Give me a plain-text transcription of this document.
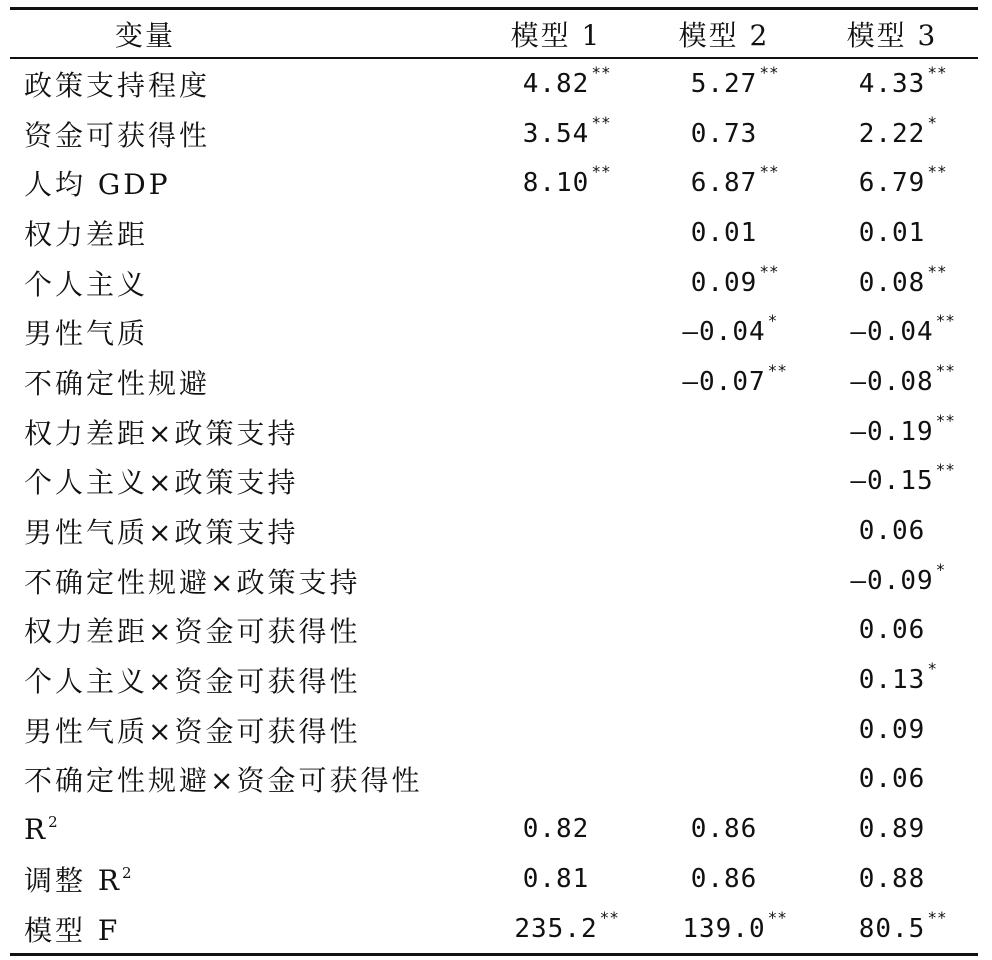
变量	模型 1	模型 2	模型 3
政策支持程度	4.82 **	5.27 **	4.33 **

资金可获得性	3.54 **	0.73	2.22 *

人均 GDP	8.10 **	6.87 **	6.79 **

权力差距		0.01	0.01

个人主义		0.09 **	0.08 **

男性气质		—0.04 *	—0.04 **

不确定性规避		—0.07 **	—0.08 **

权力差距×政策支持			—0.19 **

个人主义×政策支持			—0.15 **

男性气质×政策支持			0.06

不确定性规避×政策支持			—0.09 *

权力差距×资金可获得性			0.06

个人主义×资金可获得性			0.13 *

男性气质×资金可获得性			0.09

不确定性规避×资金可获得性			0.06

$R^2$	0.82	0.86	0.89

调整 $R^2$	0.81	0.86	0.88

模型 F	235.2 **	139.0 **	80.5 **
